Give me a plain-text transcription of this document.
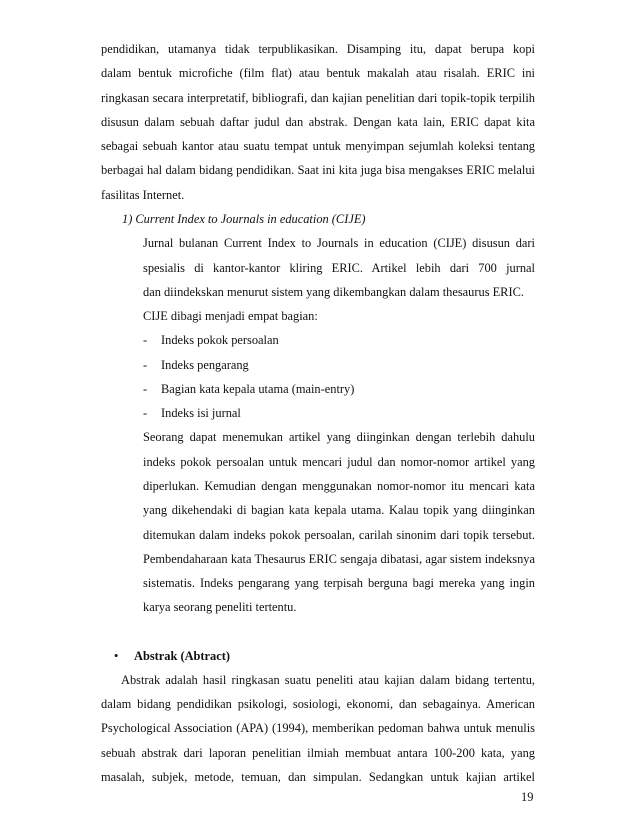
pendidikan, utamanya tidak terpublikasikan. Disamping itu, dapat berupa kopi
dalam bentuk microfiche (film flat) atau bentuk makalah atau risalah. ERIC ini
ringkasan secara interpretatif, bibliografi, dan kajian penelitian dari topik-topik terpilih
disusun dalam sebuah daftar judul dan abstrak. Dengan kata lain, ERIC dapat kita
sebagai sebuah kantor atau suatu tempat untuk menyimpan sejumlah koleksi tentang
berbagai hal dalam bidang pendidikan. Saat ini kita juga bisa mengakses ERIC melalui
fasilitas Internet.
1) Current Index to Journals in education (CIJE)
Jurnal bulanan Current Index to Journals in education (CIJE) disusun dari
spesialis di kantor-kantor kliring ERIC. Artikel lebih dari 700 jurnal
dan diindekskan menurut sistem yang dikembangkan dalam thesaurus ERIC.
CIJE dibagi menjadi empat bagian:
- Indeks pokok persoalan
- Indeks pengarang
- Bagian kata kepala utama (main-entry)
- Indeks isi jurnal
Seorang dapat menemukan artikel yang diinginkan dengan terlebih dahulu
indeks pokok persoalan untuk mencari judul dan nomor-nomor artikel yang
diperlukan. Kemudian dengan menggunakan nomor-nomor itu mencari kata
yang dikehendaki di bagian kata kepala utama. Kalau topik yang diinginkan
ditemukan dalam indeks pokok persoalan, carilah sinonim dari topik tersebut.
Pembendaharaan kata Thesaurus ERIC sengaja dibatasi, agar sistem indeksnya
sistematis. Indeks pengarang yang terpisah berguna bagi mereka yang ingin
karya seorang peneliti tertentu.
• Abstrak (Abtract)
Abstrak adalah hasil ringkasan suatu peneliti atau kajian dalam bidang tertentu,
dalam bidang pendidikan psikologi, sosiologi, ekonomi, dan sebagainya. American
Psychological Association (APA) (1994), memberikan pedoman bahwa untuk menulis
sebuah abstrak dari laporan penelitian ilmiah membuat antara 100-200 kata, yang
masalah, subjek, metode, temuan, dan simpulan. Sedangkan untuk kajian artikel
19
